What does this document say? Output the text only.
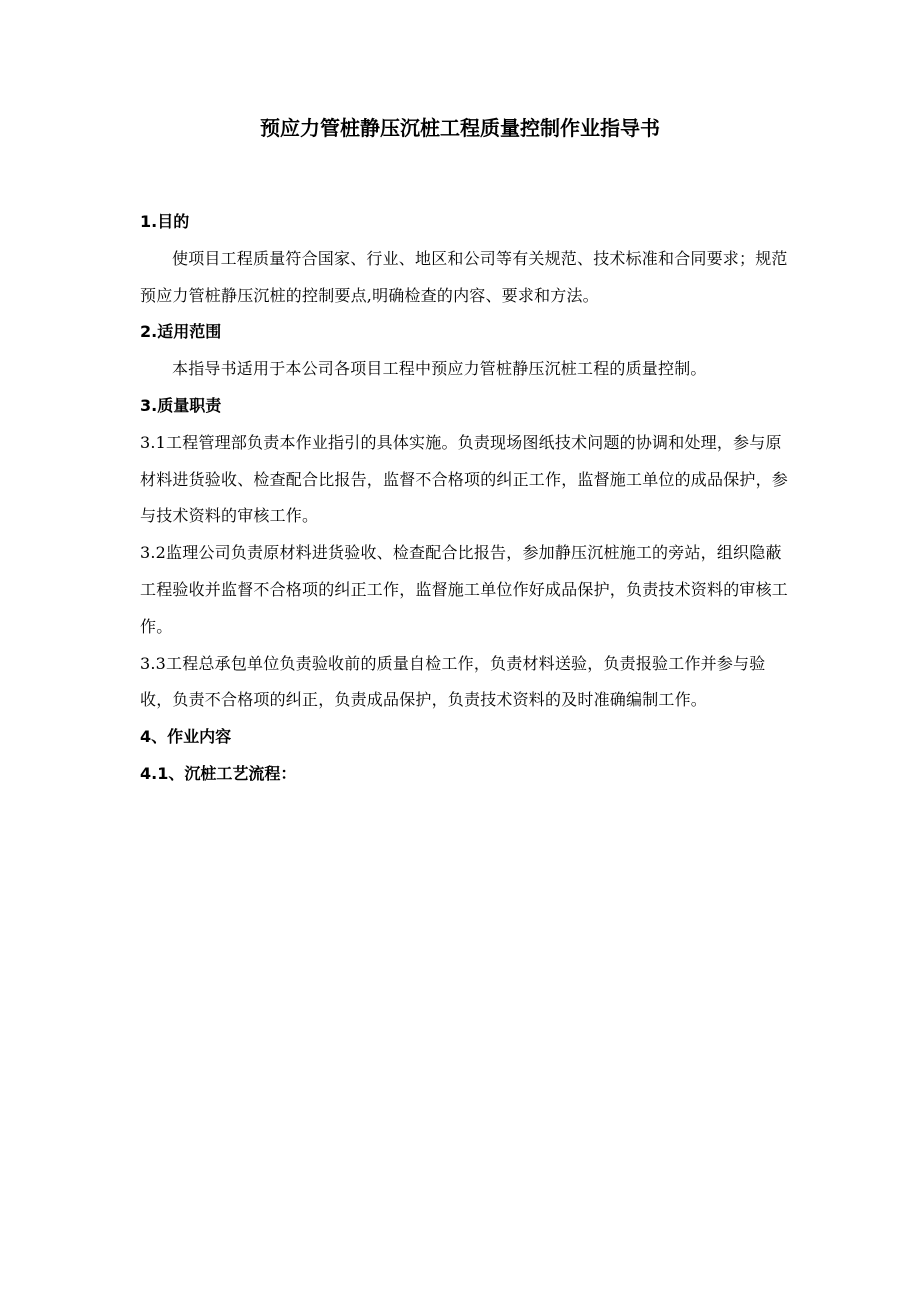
预应力管桩静压沉桩工程质量控制作业指导书
1.目的

使项目工程质量符合国家、行业、地区和公司等有关规范、技术标准和合同要求；规范预应力管桩静压沉桩的控制要点,明确检查的内容、要求和方法。

2.适用范围

本指导书适用于本公司各项目工程中预应力管桩静压沉桩工程的质量控制。

3.质量职责

3.1工程管理部负责本作业指引的具体实施。负责现场图纸技术问题的协调和处理，参与原材料进货验收、检查配合比报告，监督不合格项的纠正工作，监督施工单位的成品保护，参与技术资料的审核工作。

3.2监理公司负责原材料进货验收、检查配合比报告，参加静压沉桩施工的旁站，组织隐蔽工程验收并监督不合格项的纠正工作，监督施工单位作好成品保护，负责技术资料的审核工作。

3.3工程总承包单位负责验收前的质量自检工作，负责材料送验，负责报验工作并参与验收，负责不合格项的纠正，负责成品保护，负责技术资料的及时准确编制工作。

4、作业内容
4.1、沉桩工艺流程：
